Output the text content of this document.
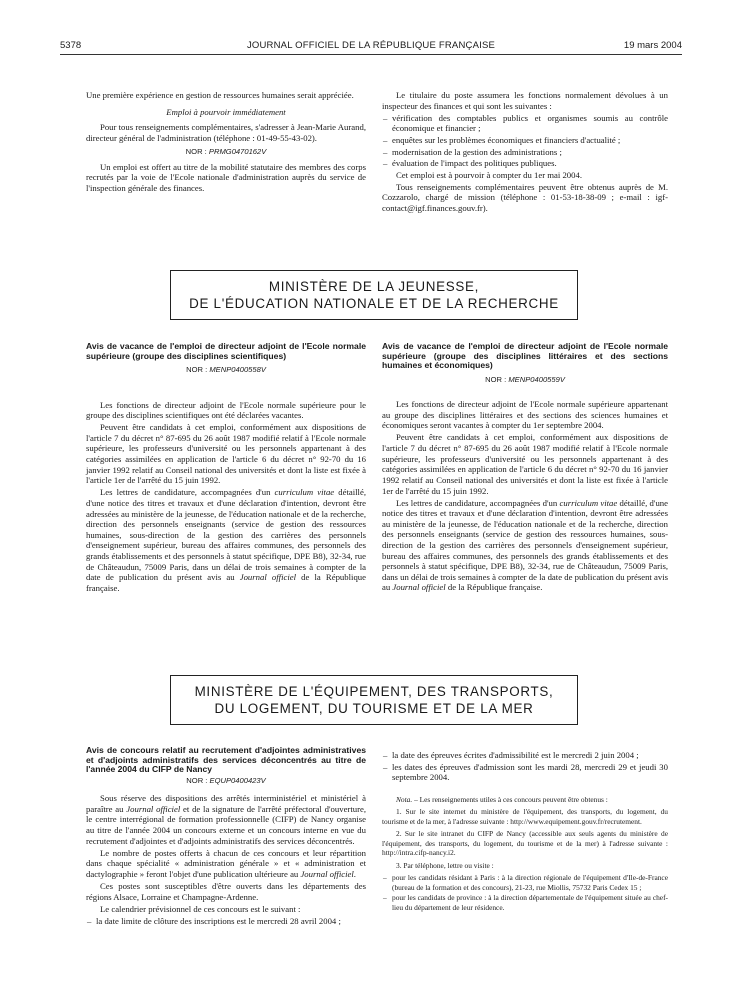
5378	JOURNAL OFFICIEL DE LA RÉPUBLIQUE FRANÇAISE	19 mars 2004

Une première expérience en gestion de ressources humaines serait appréciée.

Emploi à pourvoir immédiatement

Pour tous renseignements complémentaires, s'adresser à Jean-Marie Aurand, directeur général de l'administration (téléphone : 01-49-55-43-02).

NOR : PRMG0470162V

Un emploi est offert au titre de la mobilité statutaire des membres des corps recrutés par la voie de l'Ecole nationale d'administration auprès du service de l'inspection générale des finances.

Le titulaire du poste assumera les fonctions normalement dévolues à un inspecteur des finances et qui sont les suivantes :

– vérification des comptables publics et organismes soumis au contrôle économique et financier ;
– enquêtes sur les problèmes économiques et financiers d'actualité ;
– modernisation de la gestion des administrations ;
– évaluation de l'impact des politiques publiques.

Cet emploi est à pourvoir à compter du 1er mai 2004.

Tous renseignements complémentaires peuvent être obtenus auprès de M. Cozzarolo, chargé de mission (téléphone : 01-53-18-38-09 ; e-mail : igf-contact@igf.finances.gouv.fr).

MINISTÈRE DE LA JEUNESSE,
DE L'ÉDUCATION NATIONALE ET DE LA RECHERCHE
Avis de vacance de l'emploi de directeur adjoint de l'Ecole normale supérieure (groupe des disciplines scientifiques)
NOR : MENP0400558V

Les fonctions de directeur adjoint de l'Ecole normale supérieure pour le groupe des disciplines scientifiques ont été déclarées vacantes.

Peuvent être candidats à cet emploi, conformément aux dispositions de l'article 7 du décret n° 87-695 du 26 août 1987 modifié relatif à l'Ecole normale supérieure, les professeurs d'université ou les personnels appartenant à des catégories assimilées en application de l'article 6 du décret n° 92-70 du 16 janvier 1992 relatif au Conseil national des universités et dont la liste est fixée à l'article 1er de l'arrêté du 15 juin 1992.

Les lettres de candidature, accompagnées d'un curriculum vitae détaillé, d'une notice des titres et travaux et d'une déclaration d'intention, devront être adressées au ministère de la jeunesse, de l'éducation nationale et de la recherche, direction des personnels enseignants (service de gestion des ressources humaines, sous-direction de la gestion des carrières des personnels d'enseignement supérieur, bureau des affaires communes, des personnels des grands établissements et des personnels à statut spécifique, DPE B8), 32-34, rue de Châteaudun, 75009 Paris, dans un délai de trois semaines à compter de la date de publication du présent avis au Journal officiel de la République française.

Avis de vacance de l'emploi de directeur adjoint de l'Ecole normale supérieure (groupe des disciplines littéraires et des sections humaines et économiques)
NOR : MENP0400559V

Les fonctions de directeur adjoint de l'Ecole normale supérieure appartenant au groupe des disciplines littéraires et des sections des sciences humaines et économiques seront vacantes à compter du 1er septembre 2004.

Peuvent être candidats à cet emploi, conformément aux dispositions de l'article 7 du décret n° 87-695 du 26 août 1987 modifié relatif à l'Ecole normale supérieure, les professeurs d'université ou les personnels appartenant à des catégories assimilées en application de l'article 6 du décret n° 92-70 du 16 janvier 1992 relatif au Conseil national des universités et dont la liste est fixée à l'article 1er de l'arrêté du 15 juin 1992.

Les lettres de candidature, accompagnées d'un curriculum vitae détaillé, d'une notice des titres et travaux et d'une déclaration d'intention, devront être adressées au ministère de la jeunesse, de l'éducation nationale et de la recherche, direction des personnels enseignants (service de gestion des ressources humaines, sous-direction de la gestion des carrières des personnels d'enseignement supérieur, bureau des affaires communes, des personnels des grands établissements et des personnels à statut spécifique, DPE B8), 32-34, rue de Châteaudun, 75009 Paris, dans un délai de trois semaines à compter de la date de publication du présent avis au Journal officiel de la République française.

MINISTÈRE DE L'ÉQUIPEMENT, DES TRANSPORTS,
DU LOGEMENT, DU TOURISME ET DE LA MER
Avis de concours relatif au recrutement d'adjointes administratives et d'adjoints administratifs des services déconcentrés au titre de l'année 2004 du CIFP de Nancy
NOR : EQUP0400423V

Sous réserve des dispositions des arrêtés interministériel et ministériel à paraître au Journal officiel et de la signature de l'arrêté préfectoral d'ouverture, le centre interrégional de formation professionnelle (CIFP) de Nancy organise au titre de l'année 2004 un concours externe et un concours interne en vue du recrutement d'adjointes et d'adjoints administratifs des services déconcentrés.

Le nombre de postes offerts à chacun de ces concours et leur répartition dans chaque spécialité « administration générale » et « administration et dactylographie » feront l'objet d'une publication ultérieure au Journal officiel.

Ces postes sont susceptibles d'être ouverts dans les départements des régions Alsace, Lorraine et Champagne-Ardenne.

Le calendrier prévisionnel de ces concours est le suivant :

– la date limite de clôture des inscriptions est le mercredi 28 avril 2004 ;
– la date des épreuves écrites d'admissibilité est le mercredi 2 juin 2004 ;
– les dates des épreuves d'admission sont les mardi 28, mercredi 29 et jeudi 30 septembre 2004.

Nota. – Les renseignements utiles à ces concours peuvent être obtenus :

1. Sur le site internet du ministère de l'équipement, des transports, du logement, du tourisme et de la mer, à l'adresse suivante : http://www.equipement.gouv.fr/recrutement.

2. Sur le site intranet du CIFP de Nancy (accessible aux seuls agents du ministère de l'équipement, des transports, du logement, du tourisme et de la mer) à l'adresse suivante : http://intra.cifp-nancy.i2.

3. Par téléphone, lettre ou visite :

– pour les candidats résidant à Paris : à la direction régionale de l'équipement d'Ile-de-France (bureau de la formation et des concours), 21-23, rue Miollis, 75732 Paris Cedex 15 ;
– pour les candidats de province : à la direction départementale de l'équipement située au chef-lieu du département de leur résidence.
